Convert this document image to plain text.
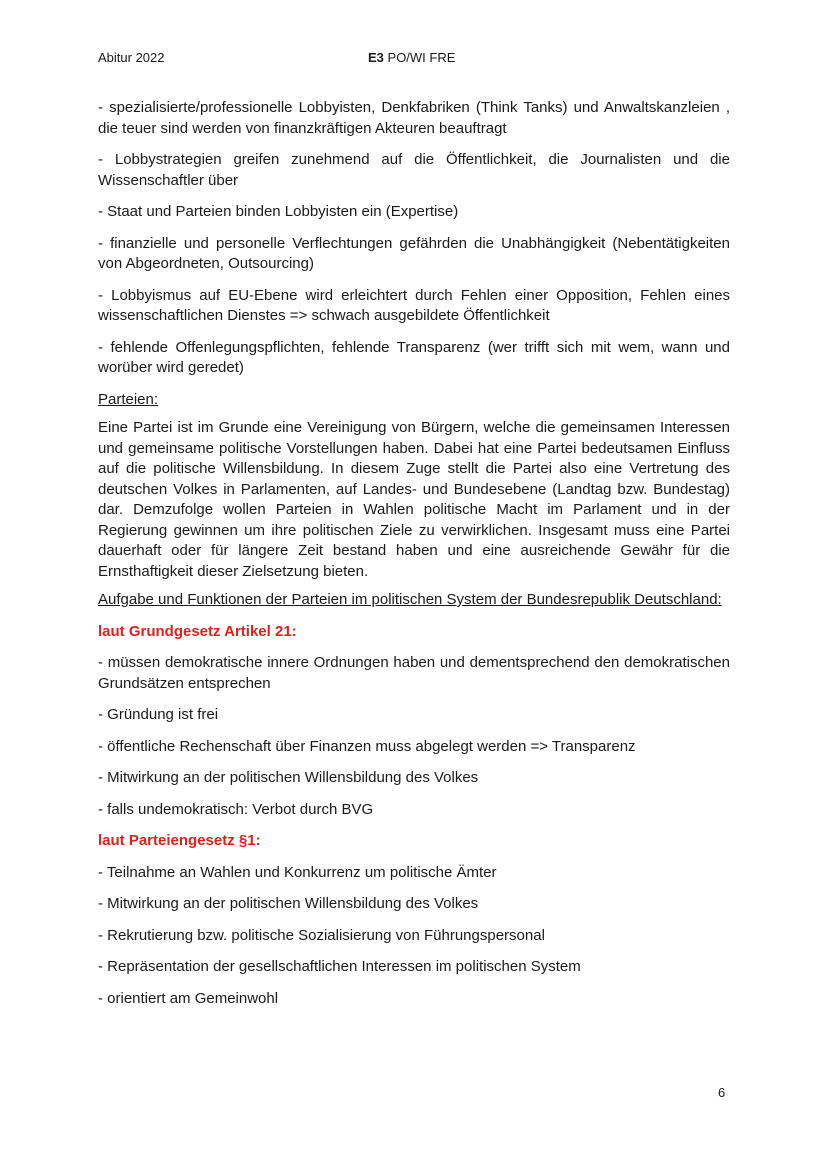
Abitur 2022	E3 PO/WI FRE

- spezialisierte/professionelle Lobbyisten, Denkfabriken (Think Tanks) und Anwaltskanzleien , die teuer sind werden von finanzkräftigen Akteuren beauftragt

- Lobbystrategien greifen zunehmend auf die Öffentlichkeit, die Journalisten und die Wissenschaftler über

- Staat und Parteien binden Lobbyisten ein (Expertise)

- finanzielle und personelle Verflechtungen gefährden die Unabhängigkeit (Nebentätigkeiten von Abgeordneten, Outsourcing)

- Lobbyismus auf EU-Ebene wird erleichtert durch Fehlen einer Opposition, Fehlen eines wissenschaftlichen Dienstes => schwach ausgebildete Öffentlichkeit

- fehlende Offenlegungspflichten, fehlende Transparenz (wer trifft sich mit wem, wann und worüber wird geredet)

Parteien:

Eine Partei ist im Grunde eine Vereinigung von Bürgern, welche die gemeinsamen Interessen und gemeinsame politische Vorstellungen haben. Dabei hat eine Partei bedeutsamen Einfluss auf die politische Willensbildung. In diesem Zuge stellt die Partei also eine Vertretung des deutschen Volkes in Parlamenten, auf Landes- und Bundesebene (Landtag bzw. Bundestag) dar. Demzufolge wollen Parteien in Wahlen politische Macht im Parlament und in der Regierung gewinnen um ihre politischen Ziele zu verwirklichen. Insgesamt muss eine Partei dauerhaft oder für längere Zeit bestand haben und eine ausreichende Gewähr für die Ernsthaftigkeit dieser Zielsetzung bieten.

Aufgabe und Funktionen der Parteien im politischen System der Bundesrepublik Deutschland:

laut Grundgesetz Artikel 21:

- müssen demokratische innere Ordnungen haben und dementsprechend den demokratischen Grundsätzen entsprechen

- Gründung ist frei

- öffentliche Rechenschaft über Finanzen muss abgelegt werden => Transparenz

- Mitwirkung an der politischen Willensbildung des Volkes

- falls undemokratisch: Verbot durch BVG

laut Parteiengesetz §1:

- Teilnahme an Wahlen und Konkurrenz um politische Ämter

- Mitwirkung an der politischen Willensbildung des Volkes

- Rekrutierung bzw. politische Sozialisierung von Führungspersonal

- Repräsentation der gesellschaftlichen Interessen im politischen System

- orientiert am Gemeinwohl

6
